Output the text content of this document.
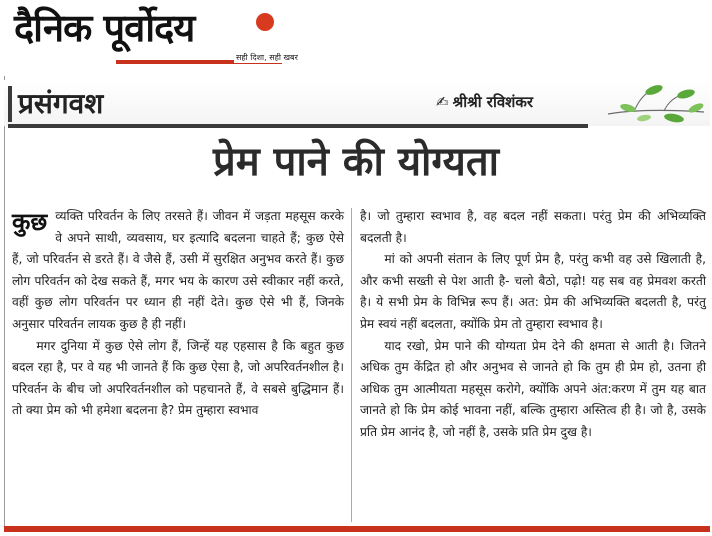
दैनिक पूर्वोदय
सही दिशा, सही खबर
प्रसंगवश	✍ श्रीश्री रविशंकर
प्रेम पाने की योग्यता

कुछ व्यक्ति परिवर्तन के लिए तरसते हैं। जीवन में जड़ता महसूस करके वे अपने साथी, व्यवसाय, घर इत्यादि बदलना चाहते हैं; कुछ ऐसे हैं, जो परिवर्तन से डरते हैं। वे जैसे हैं, उसी में सुरक्षित अनुभव करते हैं। कुछ लोग परिवर्तन को देख सकते हैं, मगर भय के कारण उसे स्वीकार नहीं करते, वहीं कुछ लोग परिवर्तन पर ध्यान ही नहीं देते। कुछ ऐसे भी हैं, जिनके अनुसार परिवर्तन लायक कुछ है ही नहीं।

मगर दुनिया में कुछ ऐसे लोग हैं, जिन्हें यह एहसास है कि बहुत कुछ बदल रहा है, पर वे यह भी जानते हैं कि कुछ ऐसा है, जो अपरिवर्तनशील है। परिवर्तन के बीच जो अपरिवर्तनशील को पहचानते हैं, वे सबसे बुद्धिमान हैं। तो क्या प्रेम को भी हमेशा बदलना है? प्रेम तुम्हारा स्वभाव

है। जो तुम्हारा स्वभाव है, वह बदल नहीं सकता। परंतु प्रेम की अभिव्यक्ति बदलती है।

मां को अपनी संतान के लिए पूर्ण प्रेम है, परंतु कभी वह उसे खिलाती है, और कभी सख्ती से पेश आती है- चलो बैठो, पढ़ो! यह सब वह प्रेमवश करती है। ये सभी प्रेम के विभिन्न रूप हैं। अत: प्रेम की अभिव्यक्ति बदलती है, परंतु प्रेम स्वयं नहीं बदलता, क्योंकि प्रेम तो तुम्हारा स्वभाव है।

याद रखो, प्रेम पाने की योग्यता प्रेम देने की क्षमता से आती है। जितने अधिक तुम केंद्रित हो और अनुभव से जानते हो कि तुम ही प्रेम हो, उतना ही अधिक तुम आत्मीयता महसूस करोगे, क्योंकि अपने अंत:करण में तुम यह बात जानते हो कि प्रेम कोई भावना नहीं, बल्कि तुम्हारा अस्तित्व ही है। जो है, उसके प्रति प्रेम आनंद है, जो नहीं है, उसके प्रति प्रेम दुख है।
